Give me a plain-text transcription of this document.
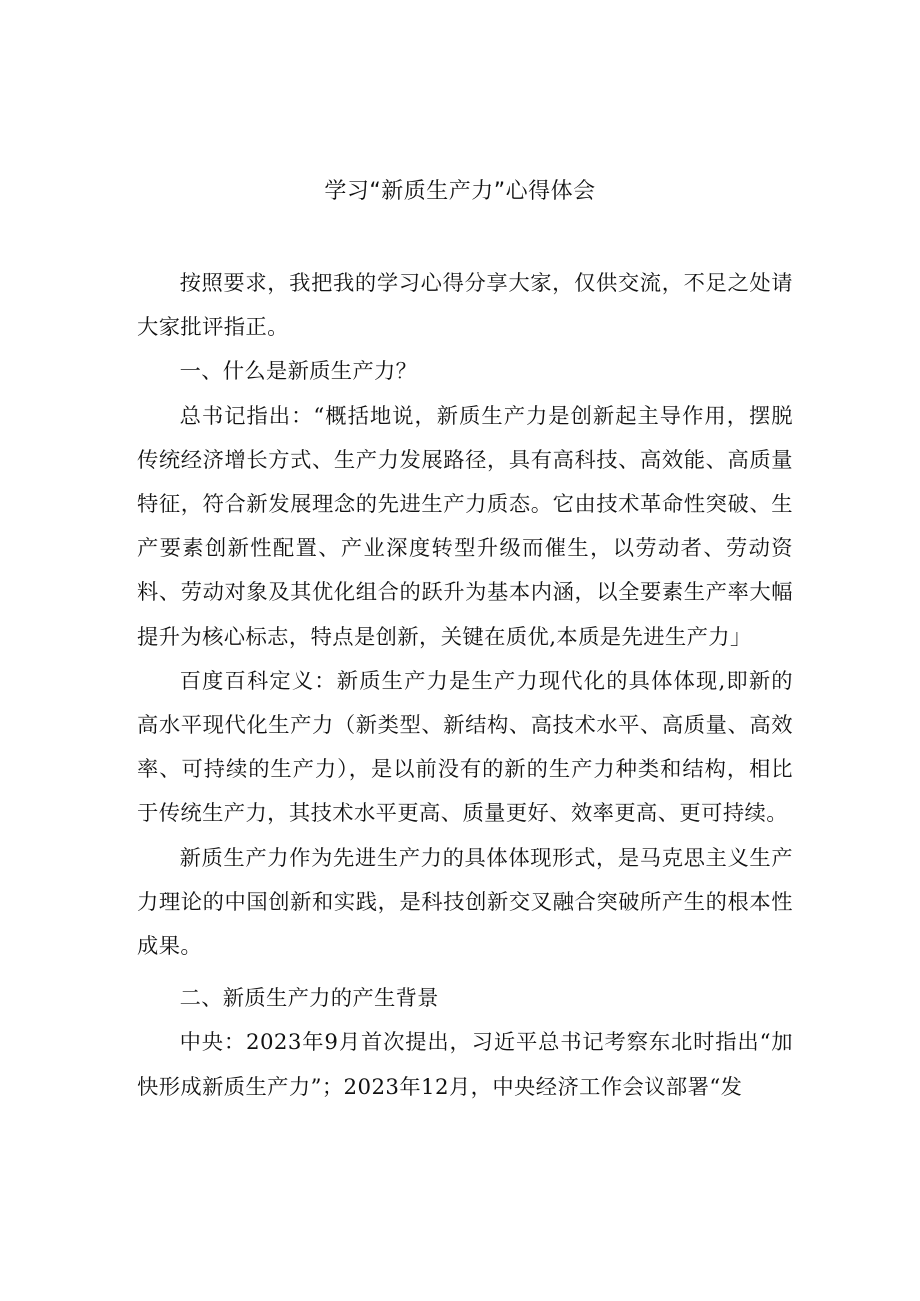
学习“新质生产力”心得体会

按照要求，我把我的学习心得分享大家，仅供交流，不足之处请大家批评指正。

一、什么是新质生产力？

总书记指出：“概括地说，新质生产力是创新起主导作用，摆脱传统经济增长方式、生产力发展路径，具有高科技、高效能、高质量特征，符合新发展理念的先进生产力质态。它由技术革命性突破、生产要素创新性配置、产业深度转型升级而催生，以劳动者、劳动资料、劳动对象及其优化组合的跃升为基本内涵，以全要素生产率大幅提升为核心标志，特点是创新，关键在质优,本质是先进生产力」

百度百科定义：新质生产力是生产力现代化的具体体现,即新的高水平现代化生产力（新类型、新结构、高技术水平、高质量、高效率、可持续的生产力），是以前没有的新的生产力种类和结构，相比于传统生产力，其技术水平更高、质量更好、效率更高、更可持续。

新质生产力作为先进生产力的具体体现形式，是马克思主义生产力理论的中国创新和实践，是科技创新交叉融合突破所产生的根本性成果。

二、新质生产力的产生背景

中央：2023年9月首次提出，习近平总书记考察东北时指出“加快形成新质生产力”；2023年12月，中央经济工作会议部署“发
